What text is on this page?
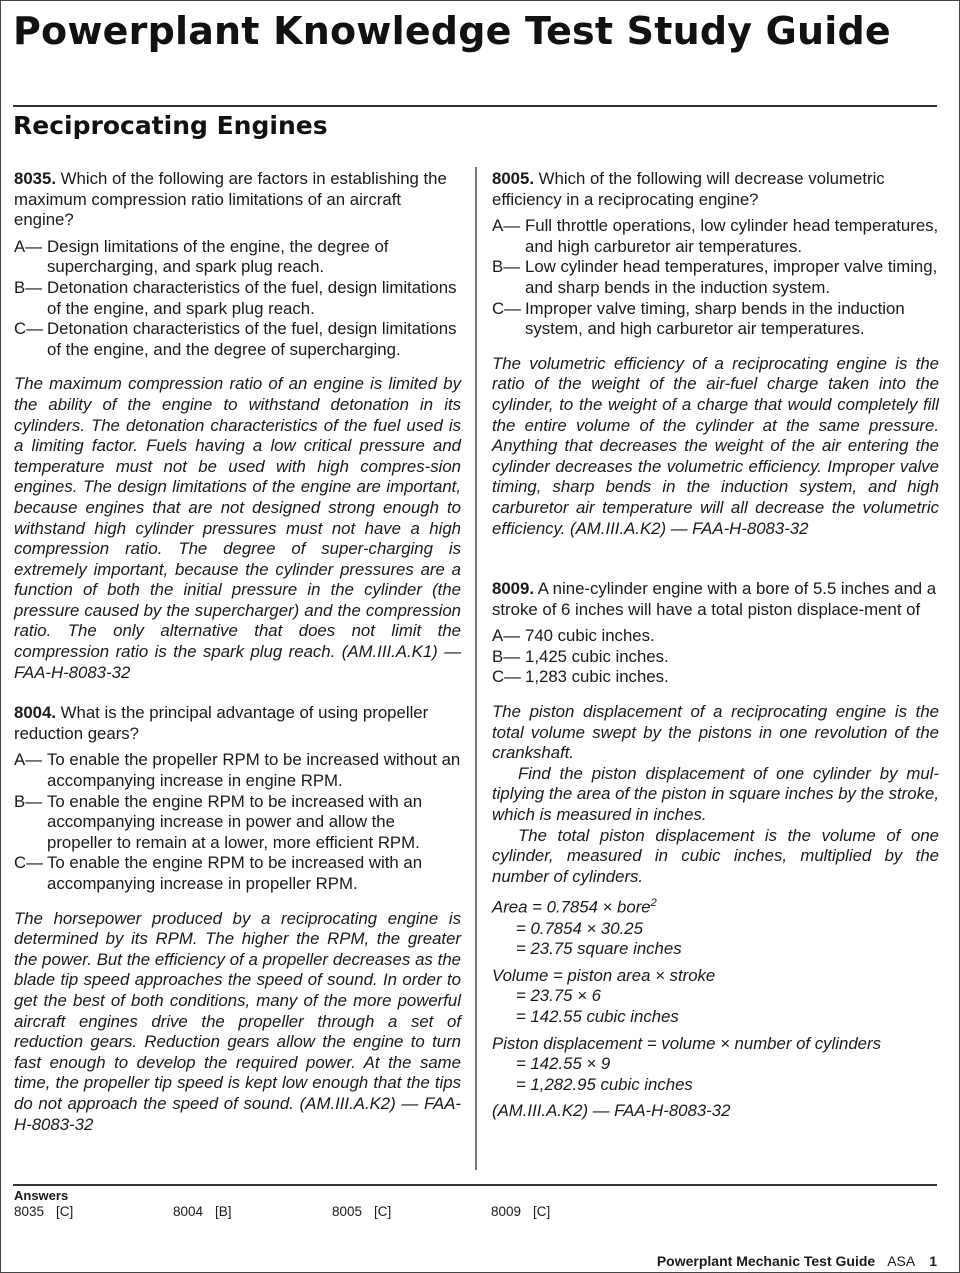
Powerplant Knowledge Test Study Guide
Reciprocating Engines

8035. Which of the following are factors in establishing the maximum compression ratio limitations of an aircraft engine?

A— Design limitations of the engine, the degree of supercharging, and spark plug reach.
B— Detonation characteristics of the fuel, design limitations of the engine, and spark plug reach.
C— Detonation characteristics of the fuel, design limitations of the engine, and the degree of supercharging.

The maximum compression ratio of an engine is limited by the ability of the engine to withstand detonation in its cylinders. The detonation characteristics of the fuel used is a limiting factor. Fuels having a low critical pressure and temperature must not be used with high compres-sion engines. The design limitations of the engine are important, because engines that are not designed strong enough to withstand high cylinder pressures must not have a high compression ratio. The degree of super-charging is extremely important, because the cylinder pressures are a function of both the initial pressure in the cylinder (the pressure caused by the supercharger) and the compression ratio. The only alternative that does not limit the compression ratio is the spark plug reach. (AM.III.A.K1) — FAA-H-8083-32

8004. What is the principal advantage of using propeller reduction gears?

A— To enable the propeller RPM to be increased without an accompanying increase in engine RPM.
B— To enable the engine RPM to be increased with an accompanying increase in power and allow the propeller to remain at a lower, more efficient RPM.
C— To enable the engine RPM to be increased with an accompanying increase in propeller RPM.

The horsepower produced by a reciprocating engine is determined by its RPM. The higher the RPM, the greater the power. But the efficiency of a propeller decreases as the blade tip speed approaches the speed of sound. In order to get the best of both conditions, many of the more powerful aircraft engines drive the propeller through a set of reduction gears. Reduction gears allow the engine to turn fast enough to develop the required power. At the same time, the propeller tip speed is kept low enough that the tips do not approach the speed of sound. (AM.III.A.K2) — FAA-H-8083-32

8005. Which of the following will decrease volumetric efficiency in a reciprocating engine?

A— Full throttle operations, low cylinder head temperatures, and high carburetor air temperatures.
B— Low cylinder head temperatures, improper valve timing, and sharp bends in the induction system.
C— Improper valve timing, sharp bends in the induction system, and high carburetor air temperatures.

The volumetric efficiency of a reciprocating engine is the ratio of the weight of the air-fuel charge taken into the cylinder, to the weight of a charge that would completely fill the entire volume of the cylinder at the same pressure. Anything that decreases the weight of the air entering the cylinder decreases the volumetric efficiency. Improper valve timing, sharp bends in the induction system, and high carburetor air temperature will all decrease the volumetric efficiency. (AM.III.A.K2) — FAA-H-8083-32

8009. A nine-cylinder engine with a bore of 5.5 inches and a stroke of 6 inches will have a total piston displace-ment of

A— 740 cubic inches.
B— 1,425 cubic inches.
C— 1,283 cubic inches.

The piston displacement of a reciprocating engine is the total volume swept by the pistons in one revolution of the crankshaft.

Find the piston displacement of one cylinder by mul-tiplying the area of the piston in square inches by the stroke, which is measured in inches.

The total piston displacement is the volume of one cylinder, measured in cubic inches, multiplied by the number of cylinders.

Area = 0.7854 × bore$^2$
= 0.7854 × 30.25
= 23.75 square inches
Volume = piston area × stroke
= 23.75 × 6
= 142.55 cubic inches
Piston displacement = volume × number of cylinders
= 142.55 × 9
= 1,282.95 cubic inches
(AM.III.A.K2) — FAA-H-8083-32
Answers
8035 [C]	8004 [B]	8005 [C]	8009 [C]
Powerplant Mechanic Test Guide ASA 1
